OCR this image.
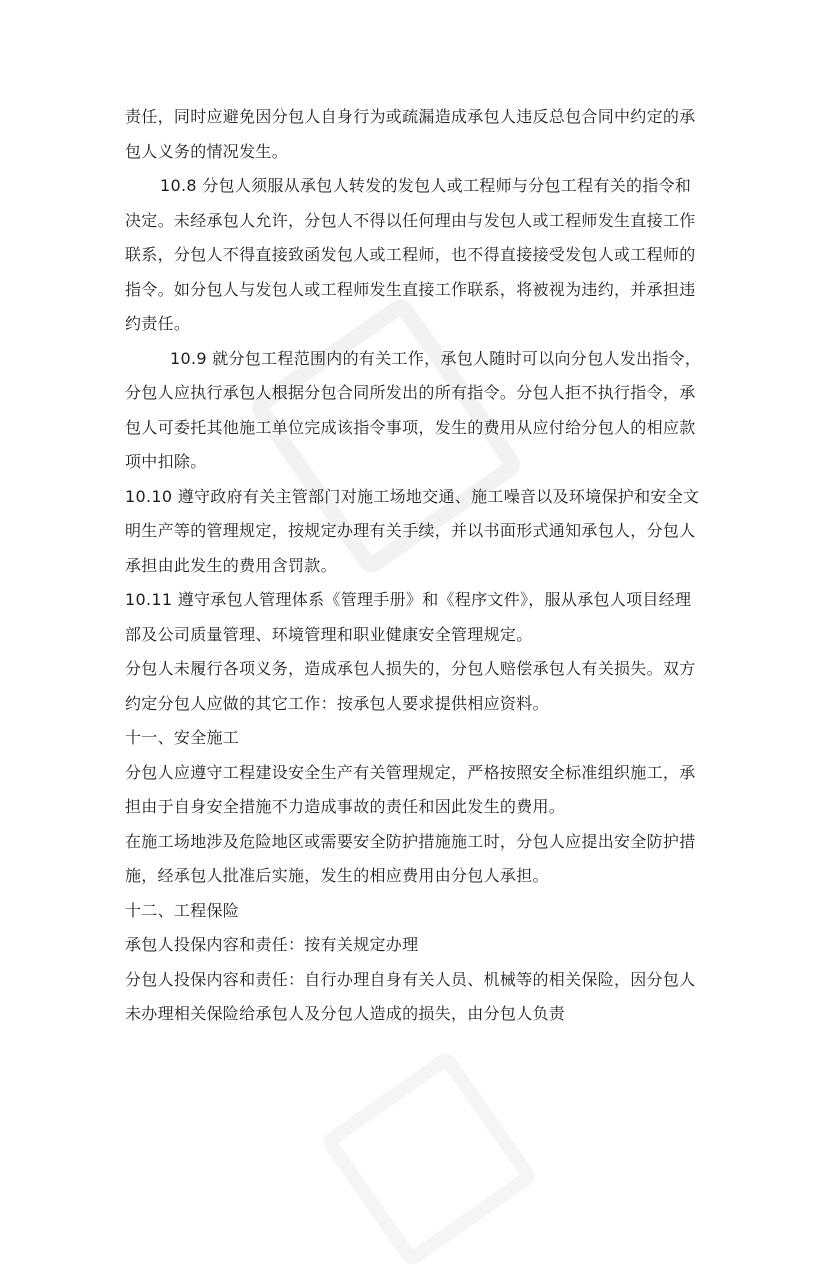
责任，同时应避免因分包人自身行为或疏漏造成承包人违反总包合同中约定的承
包人义务的情况发生。
10.8 分包人须服从承包人转发的发包人或工程师与分包工程有关的指令和
决定。未经承包人允许，分包人不得以任何理由与发包人或工程师发生直接工作
联系，分包人不得直接致函发包人或工程师，也不得直接接受发包人或工程师的
指令。如分包人与发包人或工程师发生直接工作联系，将被视为违约，并承担违
约责任。
10.9 就分包工程范围内的有关工作，承包人随时可以向分包人发出指令，
分包人应执行承包人根据分包合同所发出的所有指令。分包人拒不执行指令，承
包人可委托其他施工单位完成该指令事项，发生的费用从应付给分包人的相应款
项中扣除。
10.10 遵守政府有关主管部门对施工场地交通、施工噪音以及环境保护和安全文
明生产等的管理规定，按规定办理有关手续，并以书面形式通知承包人，分包人
承担由此发生的费用含罚款。
10.11 遵守承包人管理体系《管理手册》和《程序文件》，服从承包人项目经理
部及公司质量管理、环境管理和职业健康安全管理规定。
分包人未履行各项义务，造成承包人损失的，分包人赔偿承包人有关损失。双方
约定分包人应做的其它工作：按承包人要求提供相应资料。
十一、安全施工
分包人应遵守工程建设安全生产有关管理规定，严格按照安全标准组织施工，承
担由于自身安全措施不力造成事故的责任和因此发生的费用。
在施工场地涉及危险地区或需要安全防护措施施工时，分包人应提出安全防护措
施，经承包人批准后实施，发生的相应费用由分包人承担。
十二、工程保险
承包人投保内容和责任：按有关规定办理
分包人投保内容和责任：自行办理自身有关人员、机械等的相关保险，因分包人
未办理相关保险给承包人及分包人造成的损失，由分包人负责
